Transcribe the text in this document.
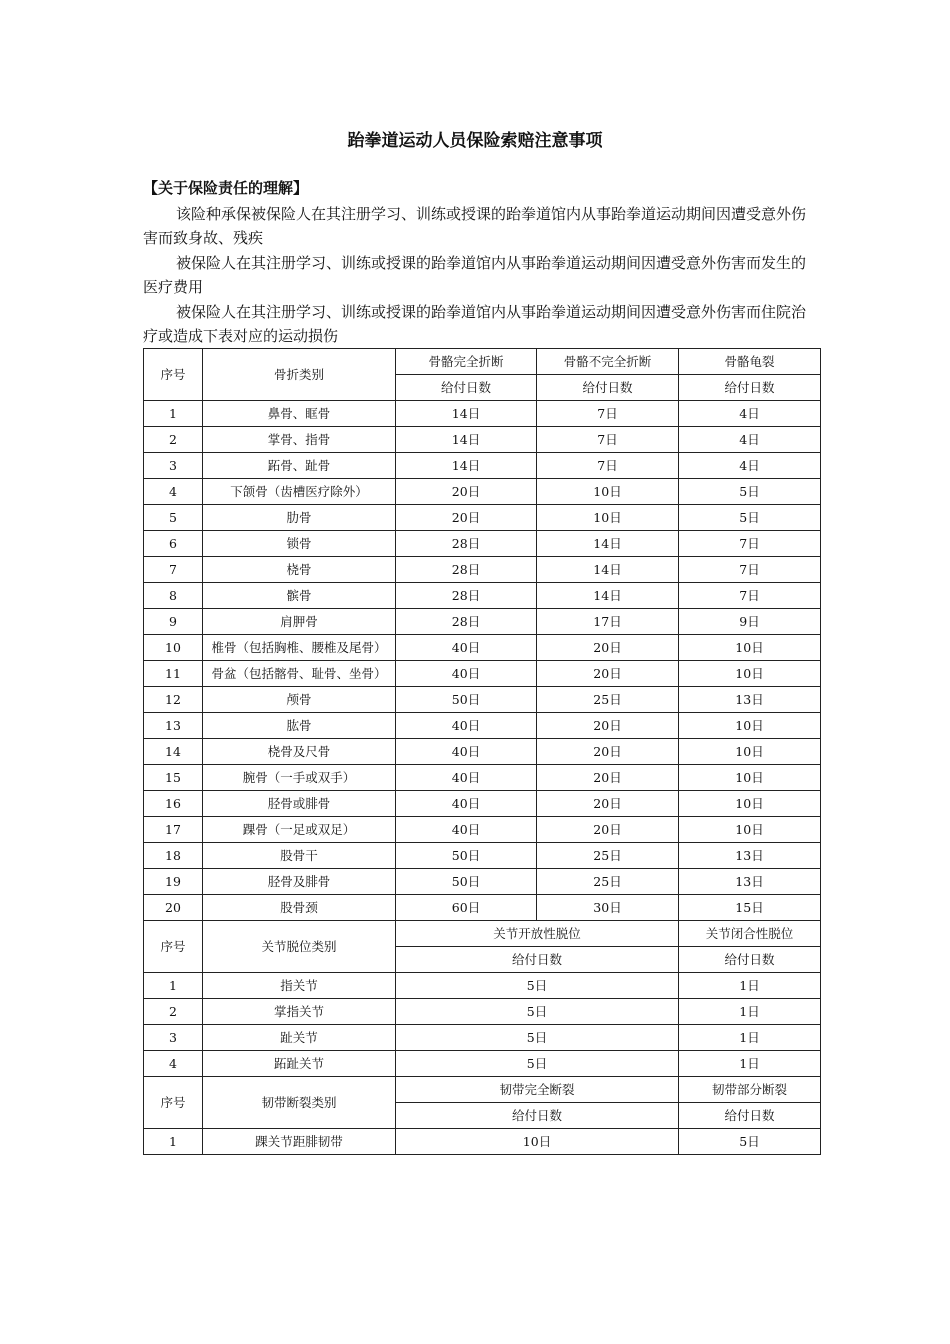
跆拳道运动人员保险索赔注意事项
【关于保险责任的理解】

该险种承保被保险人在其注册学习、训练或授课的跆拳道馆内从事跆拳道运动期间因遭受意外伤害而致身故、残疾

被保险人在其注册学习、训练或授课的跆拳道馆内从事跆拳道运动期间因遭受意外伤害而发生的医疗费用

被保险人在其注册学习、训练或授课的跆拳道馆内从事跆拳道运动期间因遭受意外伤害而住院治疗或造成下表对应的运动损伤

序号	骨折类别	骨骼完全折断	骨骼不完全折断	骨骼龟裂
		给付日数	给付日数	给付日数
1	鼻骨、眶骨	14日	7日	4日
2	掌骨、指骨	14日	7日	4日
3	跖骨、趾骨	14日	7日	4日
4	下颌骨（齿槽医疗除外）	20日	10日	5日
5	肋骨	20日	10日	5日
6	锁骨	28日	14日	7日
7	桡骨	28日	14日	7日
8	髌骨	28日	14日	7日
9	肩胛骨	28日	17日	9日
10	椎骨（包括胸椎、腰椎及尾骨）	40日	20日	10日
11	骨盆（包括髂骨、耻骨、坐骨）	40日	20日	10日
12	颅骨	50日	25日	13日
13	肱骨	40日	20日	10日
14	桡骨及尺骨	40日	20日	10日
15	腕骨（一手或双手）	40日	20日	10日
16	胫骨或腓骨	40日	20日	10日
17	踝骨（一足或双足）	40日	20日	10日
18	股骨干	50日	25日	13日
19	胫骨及腓骨	50日	25日	13日
20	股骨颈	60日	30日	15日
序号	关节脱位类别	关节开放性脱位		关节闭合性脱位
		给付日数		给付日数
1	指关节	5日		1日
2	掌指关节	5日		1日
3	趾关节	5日		1日
4	跖趾关节	5日		1日
序号	韧带断裂类别	韧带完全断裂		韧带部分断裂
		给付日数		给付日数
1	踝关节距腓韧带	10日		5日
